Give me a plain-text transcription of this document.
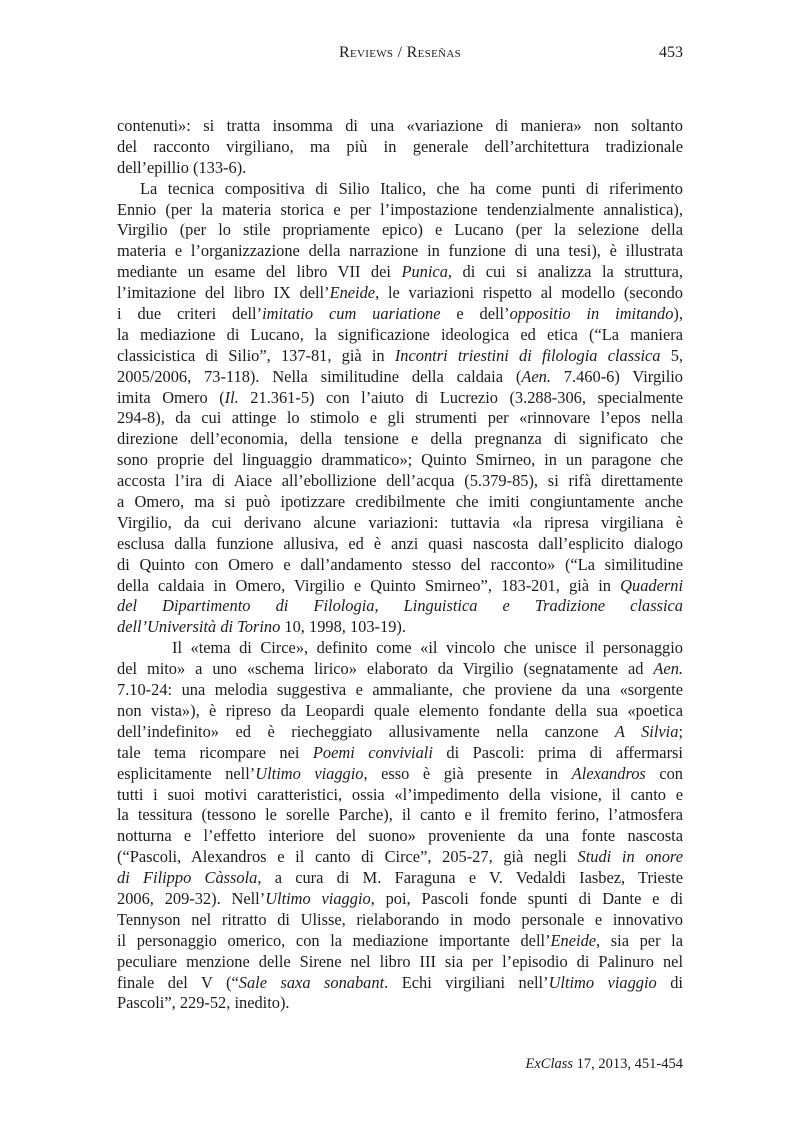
Reviews / Reseñas	453
contenuti»: si tratta insomma di una «variazione di maniera» non soltanto
del racconto virgiliano, ma più in generale dell’architettura tradizionale
dell’epillio (133-6).
La tecnica compositiva di Silio Italico, che ha come punti di riferimento
Ennio (per la materia storica e per l’impostazione tendenzialmente annalistica),
Virgilio (per lo stile propriamente epico) e Lucano (per la selezione della
materia e l’organizzazione della narrazione in funzione di una tesi), è illustrata
mediante un esame del libro VII dei Punica, di cui si analizza la struttura,
l’imitazione del libro IX dell’Eneide, le variazioni rispetto al modello (secondo
i due criteri dell’imitatio cum uariatione e dell’oppositio in imitando),
la mediazione di Lucano, la significazione ideologica ed etica (“La maniera
classicistica di Silio”, 137-81, già in Incontri triestini di filologia classica 5,
2005/2006, 73-118). Nella similitudine della caldaia (Aen. 7.460-6) Virgilio
imita Omero (Il. 21.361-5) con l’aiuto di Lucrezio (3.288-306, specialmente
294-8), da cui attinge lo stimolo e gli strumenti per «rinnovare l’epos nella
direzione dell’economia, della tensione e della pregnanza di significato che
sono proprie del linguaggio drammatico»; Quinto Smirneo, in un paragone che
accosta l’ira di Aiace all’ebollizione dell’acqua (5.379-85), si rifà direttamente
a Omero, ma si può ipotizzare credibilmente che imiti congiuntamente anche
Virgilio, da cui derivano alcune variazioni: tuttavia «la ripresa virgiliana è
esclusa dalla funzione allusiva, ed è anzi quasi nascosta dall’esplicito dialogo
di Quinto con Omero e dall’andamento stesso del racconto» (“La similitudine
della caldaia in Omero, Virgilio e Quinto Smirneo”, 183-201, già in Quaderni
del Dipartimento di Filologia, Linguistica e Tradizione classica
dell’Università di Torino 10, 1998, 103-19).
Il «tema di Circe», definito come «il vincolo che unisce il personaggio
del mito» a uno «schema lirico» elaborato da Virgilio (segnatamente ad Aen.
7.10-24: una melodia suggestiva e ammaliante, che proviene da una «sorgente
non vista»), è ripreso da Leopardi quale elemento fondante della sua «poetica
dell’indefinito» ed è riecheggiato allusivamente nella canzone A Silvia;
tale tema ricompare nei Poemi conviviali di Pascoli: prima di affermarsi
esplicitamente nell’Ultimo viaggio, esso è già presente in Alexandros con
tutti i suoi motivi caratteristici, ossia «l’impedimento della visione, il canto e
la tessitura (tessono le sorelle Parche), il canto e il fremito ferino, l’atmosfera
notturna e l’effetto interiore del suono» proveniente da una fonte nascosta
(“Pascoli, Alexandros e il canto di Circe”, 205-27, già negli Studi in onore
di Filippo Càssola, a cura di M. Faraguna e V. Vedaldi Iasbez, Trieste
2006, 209-32). Nell’Ultimo viaggio, poi, Pascoli fonde spunti di Dante e di
Tennyson nel ritratto di Ulisse, rielaborando in modo personale e innovativo
il personaggio omerico, con la mediazione importante dell’Eneide, sia per la
peculiare menzione delle Sirene nel libro III sia per l’episodio di Palinuro nel
finale del V (“Sale saxa sonabant. Echi virgiliani nell’Ultimo viaggio di
Pascoli”, 229-52, inedito).
ExClass 17, 2013, 451-454
